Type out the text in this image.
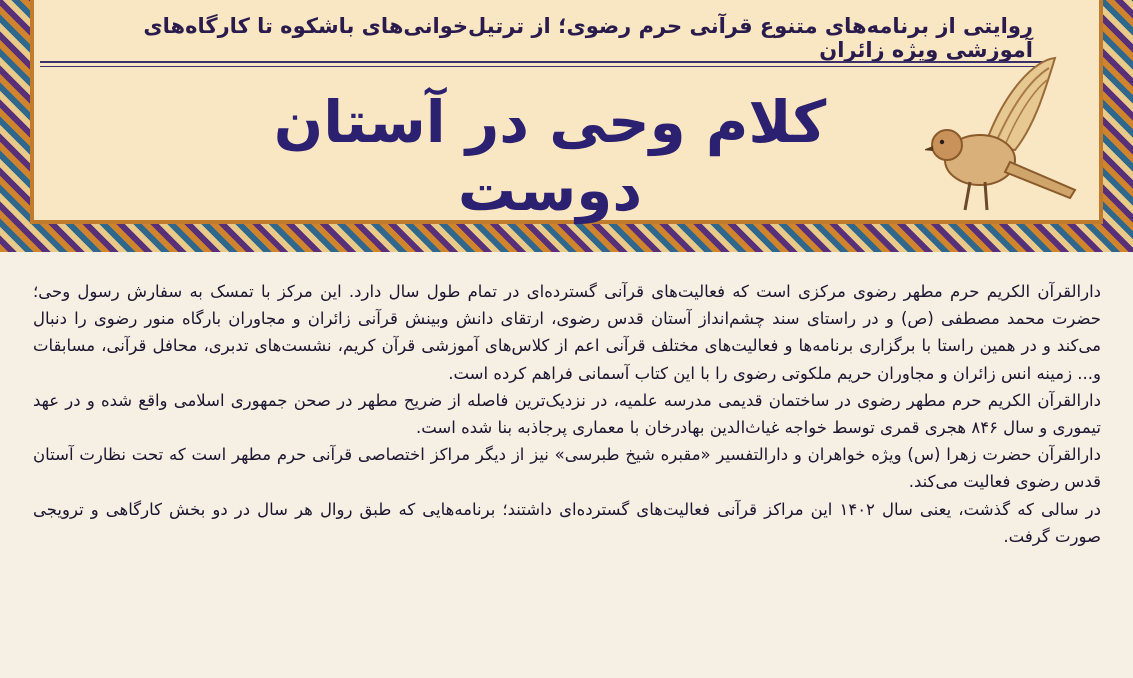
روایتی از برنامه‌های متنوع قرآنی حرم رضوی؛ از ترتیل‌خوانی‌های باشکوه تا کارگاه‌های آموزشی ویژه زائران
کلام وحی در آستان دوست

دارالقرآن الکریم حرم مطهر رضوی مرکزی است که فعالیت‌های قرآنی گسترده‌ای در تمام طول سال دارد. این مرکز با تمسک به سفارش رسول وحی؛ حضرت محمد مصطفی (ص) و در راستای سند چشم‌انداز آستان قدس رضوی، ارتقای دانش وبینش قرآنی زائران و مجاوران بارگاه منور رضوی را دنبال می‌کند و در همین راستا با برگزاری برنامه‌ها و فعالیت‌های مختلف قرآنی اعم از کلاس‌های آموزشی قرآن کریم، نشست‌های تدبری، محافل قرآنی، مسابقات و... زمینه انس زائران و مجاوران حریم ملکوتی رضوی را با این کتاب آسمانی فراهم کرده است.

دارالقرآن الکریم حرم مطهر رضوی در ساختمان قدیمی مدرسه علمیه، در نزدیک‌ترین فاصله از ضریح مطهر در صحن جمهوری اسلامی واقع شده و در عهد تیموری و سال ۸۴۶ هجری قمری توسط خواجه غیاث‌الدین بهادرخان با معماری پرجاذبه بنا شده است.

دارالقرآن حضرت زهرا (س) ویژه خواهران و دارالتفسیر «مقبره شیخ طبرسی» نیز از دیگر مراکز اختصاصی قرآنی حرم مطهر است که تحت نظارت آستان قدس رضوی فعالیت می‌کند.

در سالی که گذشت، یعنی سال ۱۴۰۲ این مراکز قرآنی فعالیت‌های گسترده‌ای داشتند؛ برنامه‌هایی که طبق روال هر سال در دو بخش کارگاهی و ترویجی صورت گرفت.
